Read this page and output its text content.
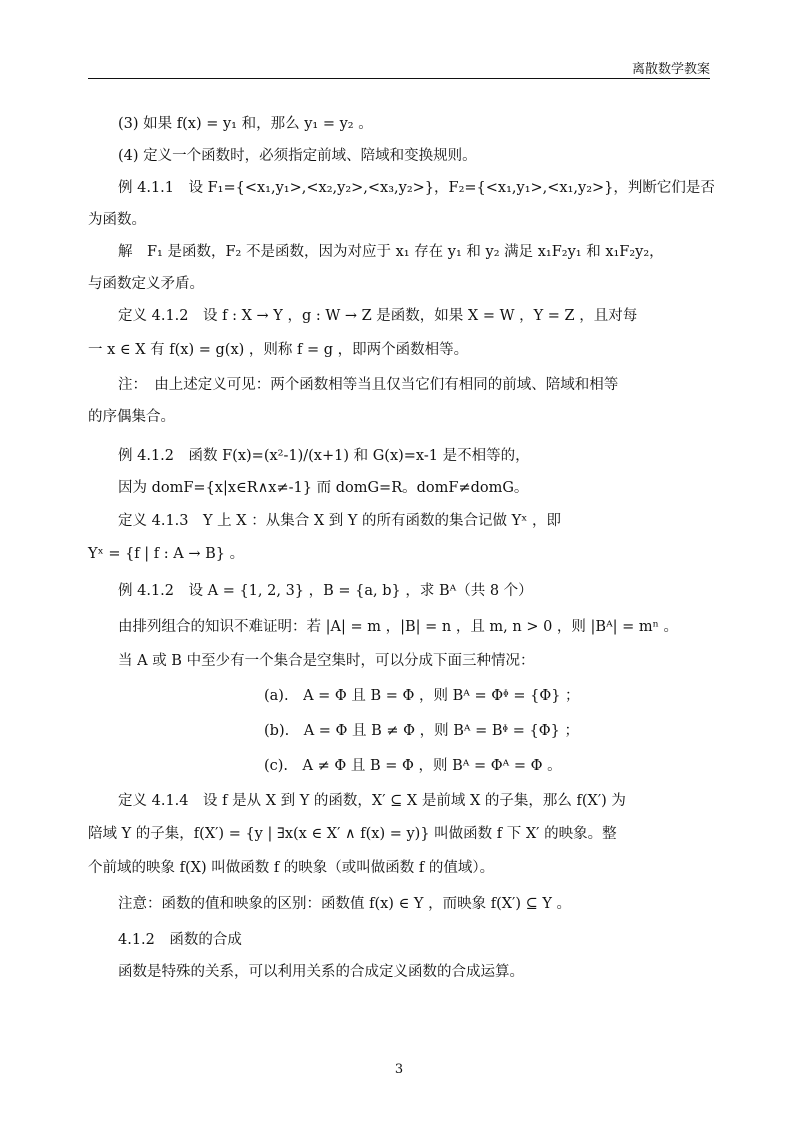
离散数学教案
(3) 如果 f(x) = y₁ 和，那么 y₁ = y₂ 。
(4) 定义一个函数时，必须指定前域、陪域和变换规则。
例 4.1.1　设 F₁={<x₁,y₁>,<x₂,y₂>,<x₃,y₂>}，F₂={<x₁,y₁>,<x₁,y₂>}，判断它们是否
为函数。
解　F₁ 是函数，F₂ 不是函数，因为对应于 x₁ 存在 y₁ 和 y₂ 满足 x₁F₂y₁ 和 x₁F₂y₂，
与函数定义矛盾。
定义 4.1.2　设 f : X → Y ，g : W → Z 是函数，如果 X = W ，Y = Z ，且对每
一 x ∈ X 有 f(x) = g(x) ，则称 f = g ，即两个函数相等。
注：　由上述定义可见：两个函数相等当且仅当它们有相同的前域、陪域和相等
的序偶集合。
例 4.1.2　函数 F(x)=(x²-1)/(x+1) 和 G(x)=x-1 是不相等的，
因为 domF={x|x∈R∧x≠-1} 而 domG=R。domF≠domG。
定义 4.1.3　Y 上 X ：从集合 X 到 Y 的所有函数的集合记做 Yˣ ，即
Yˣ = {f | f : A → B} 。
例 4.1.2　设 A = {1, 2, 3} ，B = {a, b} ，求 Bᴬ（共 8 个）
由排列组合的知识不难证明：若 |A| = m ，|B| = n ，且 m, n > 0 ，则 |Bᴬ| = mⁿ 。
当 A 或 B 中至少有一个集合是空集时，可以分成下面三种情况：
(a).　A = Φ 且 B = Φ ，则 Bᴬ = Φᶲ = {Φ} ；
(b).　A = Φ 且 B ≠ Φ ，则 Bᴬ = Bᶲ = {Φ} ；
(c).　A ≠ Φ 且 B = Φ ，则 Bᴬ = Φᴬ = Φ 。
定义 4.1.4　设 f 是从 X 到 Y 的函数，X′ ⊆ X 是前域 X 的子集，那么 f(X′) 为
陪域 Y 的子集，f(X′) = {y | ∃x(x ∈ X′ ∧ f(x) = y)} 叫做函数 f 下 X′ 的映象。整
个前域的映象 f(X) 叫做函数 f 的映象（或叫做函数 f 的值域）。
注意：函数的值和映象的区别：函数值 f(x) ∈ Y ，而映象 f(X′) ⊆ Y 。
4.1.2　函数的合成
函数是特殊的关系，可以利用关系的合成定义函数的合成运算。
3
